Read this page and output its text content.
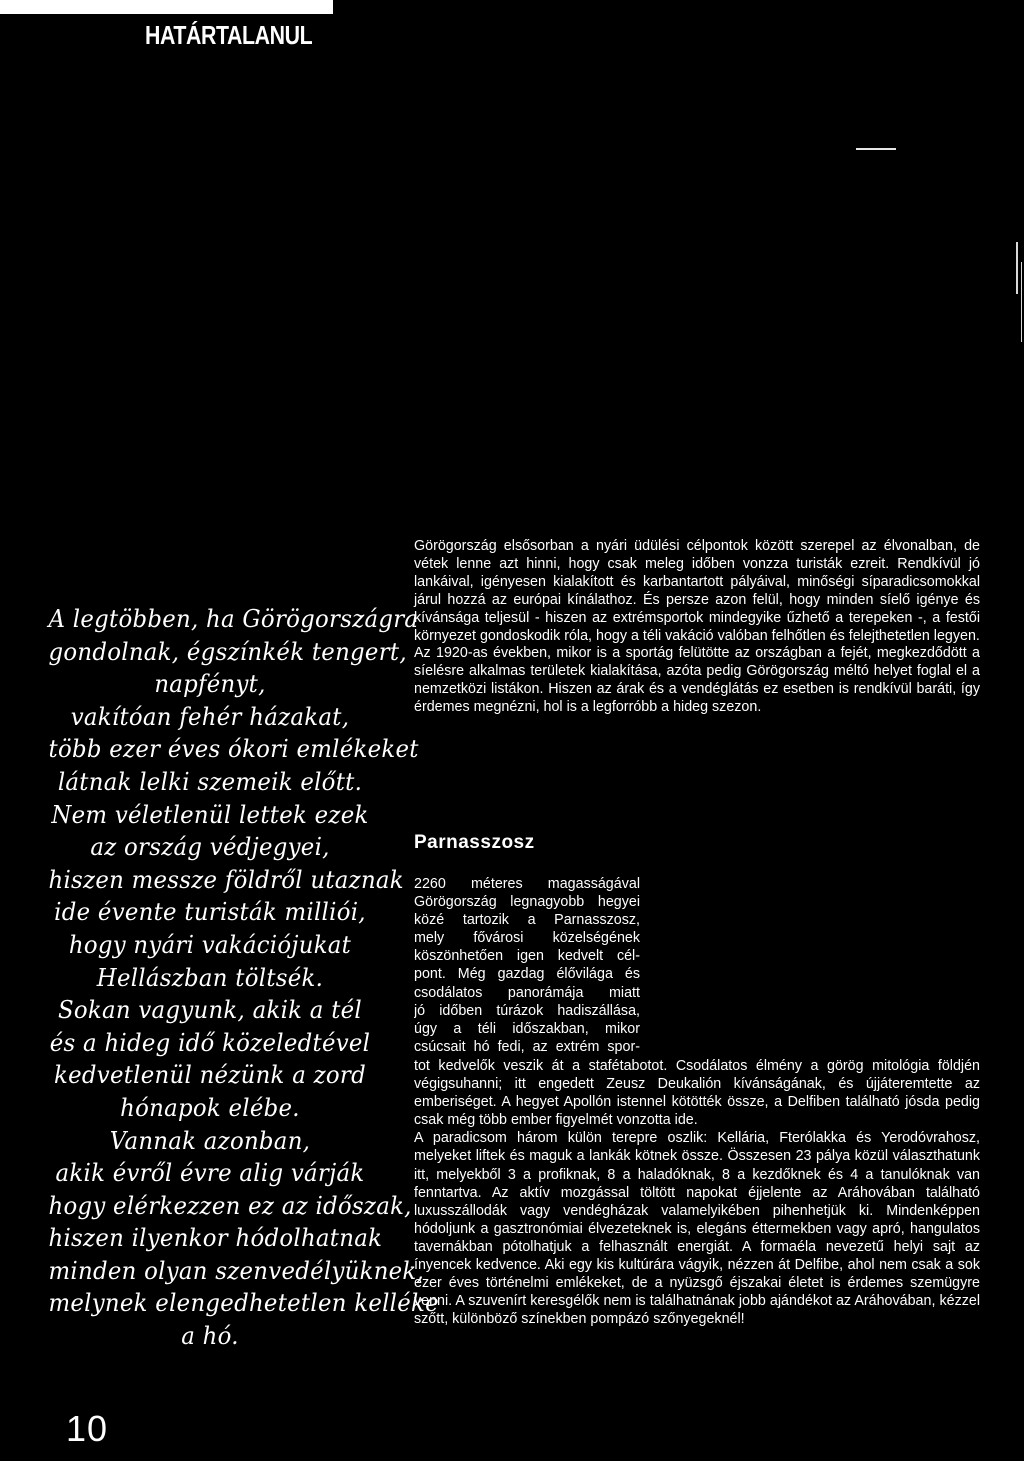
HATÁRTALANUL
A legtöbben, ha Görögországra
gondolnak, égszínkék tengert,
napfényt,
vakítóan fehér házakat,
több ezer éves ókori emlékeket
látnak lelki szemeik előtt.
Nem véletlenül lettek ezek
az ország védjegyei,
hiszen messze földről utaznak
ide évente turisták milliói,
hogy nyári vakációjukat
Hellászban töltsék.
Sokan vagyunk, akik a tél
és a hideg idő közeledtével
kedvetlenül nézünk a zord
hónapok elébe.
Vannak azonban,
akik évről évre alig várják
hogy elérkezzen ez az időszak,
hiszen ilyenkor hódolhatnak
minden olyan szenvedélyüknek,
melynek elengedhetetlen kelléke
a hó.

Görögország elsősorban a nyári üdülési célpontok között szerepel az élvonalban, de vétek lenne azt hinni, hogy csak meleg időben vonzza turisták ezreit. Rendkívül jó lankáival, igényesen kialakított és karbantartott pályáival, minőségi síparadicsomokkal járul hozzá az európai kínálathoz. És persze azon felül, hogy minden síelő igénye és kívánsága teljesül - hiszen az extrémsportok mindegyike űzhető a terepeken -, a festői környezet gondoskodik róla, hogy a téli vakáció valóban felhőtlen és felejthetetlen legyen.

Az 1920-as években, mikor is a sportág felütötte az országban a fejét, megkezdődött a síelésre alkalmas területek kialakítása, azóta pedig Görögország méltó helyet foglal el a nemzetközi listákon. Hiszen az árak és a vendéglátás ez esetben is rendkívül baráti, így érdemes megnézni, hol is a legforróbb a hideg szezon.

Parnasszosz
2260 méteres magasságával
Görögország legnagyobb hegyei
közé tartozik a Parnasszosz,
mely fővárosi közelségének
köszönhetően igen kedvelt cél-
pont. Még gazdag élővilága és
csodálatos panorámája miatt
jó időben túrázok hadiszállása,
úgy a téli időszakban, mikor
csúcsait hó fedi, az extrém spor-

tot kedvelők veszik át a stafétabotot. Csodálatos élmény a görög mitológia földjén végigsuhanni; itt engedett Zeusz Deukalión kívánságának, és újjáteremtette az emberiséget. A hegyet Apollón istennel kötötték össze, a Delfiben található jósda pedig csak még több ember figyelmét vonzotta ide.

A paradicsom három külön terepre oszlik: Kellária, Fterólakka és Yerodóvrahosz, melyeket liftek és maguk a lankák kötnek össze. Összesen 23 pálya közül választhatunk itt, melyekből 3 a profiknak, 8 a haladóknak, 8 a kezdőknek és 4 a tanulóknak van fenntartva. Az aktív mozgással töltött napokat éjjelente az Aráhovában található luxusszállodák vagy vendégházak valamelyikében pihenhetjük ki. Mindenképpen hódoljunk a gasztronómiai élvezeteknek is, elegáns éttermekben vagy apró, hangulatos tavernákban pótolhatjuk a felhasznált energiát. A formaéla nevezetű helyi sajt az ínyencek kedvence. Aki egy kis kultúrára vágyik, nézzen át Delfibe, ahol nem csak a sok ezer éves történelmi emlékeket, de a nyüzsgő éjszakai életet is érdemes szemügyre venni. A szuvenírt keresgélők nem is találhatnának jobb ajándékot az Aráhovában, kézzel szőtt, különböző színekben pompázó szőnyegeknél!

10
